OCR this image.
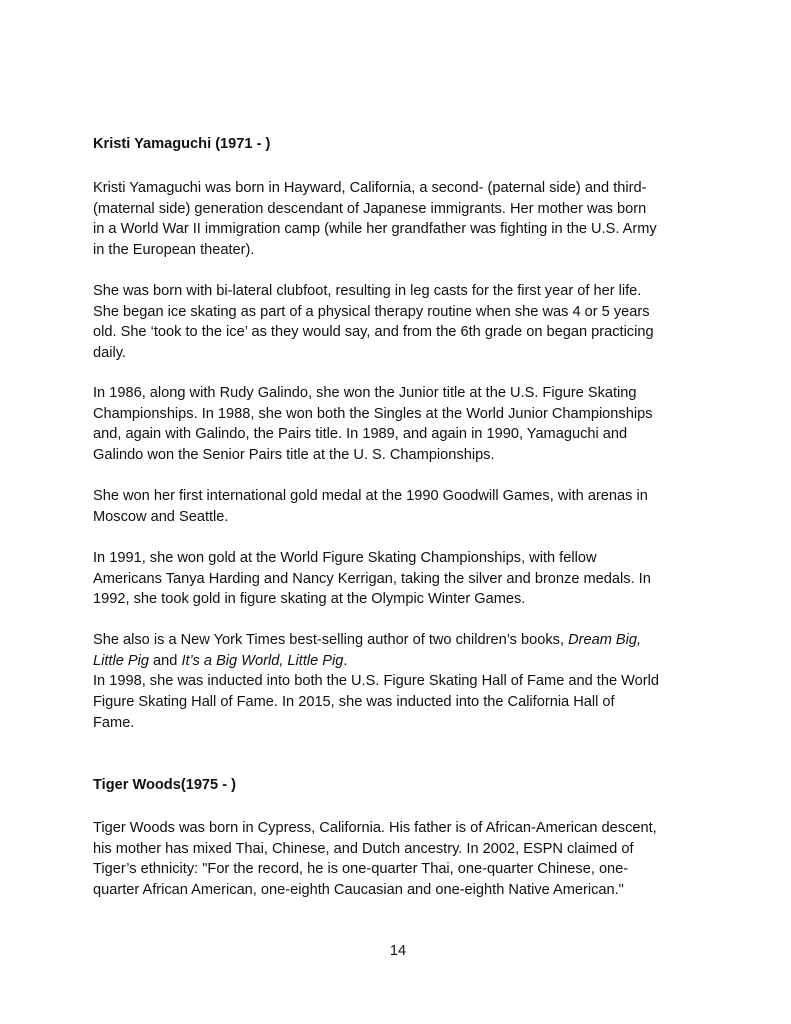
Kristi Yamaguchi (1971 - )
Kristi Yamaguchi was born in Hayward, California, a second- (paternal side) and third-
(maternal side) generation descendant of Japanese immigrants. Her mother was born
in a World War II immigration camp (while her grandfather was fighting in the U.S. Army
in the European theater).
She was born with bi-lateral clubfoot, resulting in leg casts for the first year of her life.
She began ice skating as part of a physical therapy routine when she was 4 or 5 years
old. She ‘took to the ice’ as they would say, and from the 6th grade on began practicing
daily.
In 1986, along with Rudy Galindo, she won the Junior title at the U.S. Figure Skating
Championships. In 1988, she won both the Singles at the World Junior Championships
and, again with Galindo, the Pairs title. In 1989, and again in 1990, Yamaguchi and
Galindo won the Senior Pairs title at the U. S. Championships.
She won her first international gold medal at the 1990 Goodwill Games, with arenas in
Moscow and Seattle.
In 1991, she won gold at the World Figure Skating Championships, with fellow
Americans Tanya Harding and Nancy Kerrigan, taking the silver and bronze medals. In
1992, she took gold in figure skating at the Olympic Winter Games.
She also is a New York Times best-selling author of two children’s books, Dream Big,
Little Pig and It’s a Big World, Little Pig.
In 1998, she was inducted into both the U.S. Figure Skating Hall of Fame and the World
Figure Skating Hall of Fame. In 2015, she was inducted into the California Hall of
Fame.
Tiger Woods(1975 - )
Tiger Woods was born in Cypress, California. His father is of African-American descent,
his mother has mixed Thai, Chinese, and Dutch ancestry. In 2002, ESPN claimed of
Tiger’s ethnicity: "For the record, he is one-quarter Thai, one-quarter Chinese, one-
quarter African American, one-eighth Caucasian and one-eighth Native American."
14
